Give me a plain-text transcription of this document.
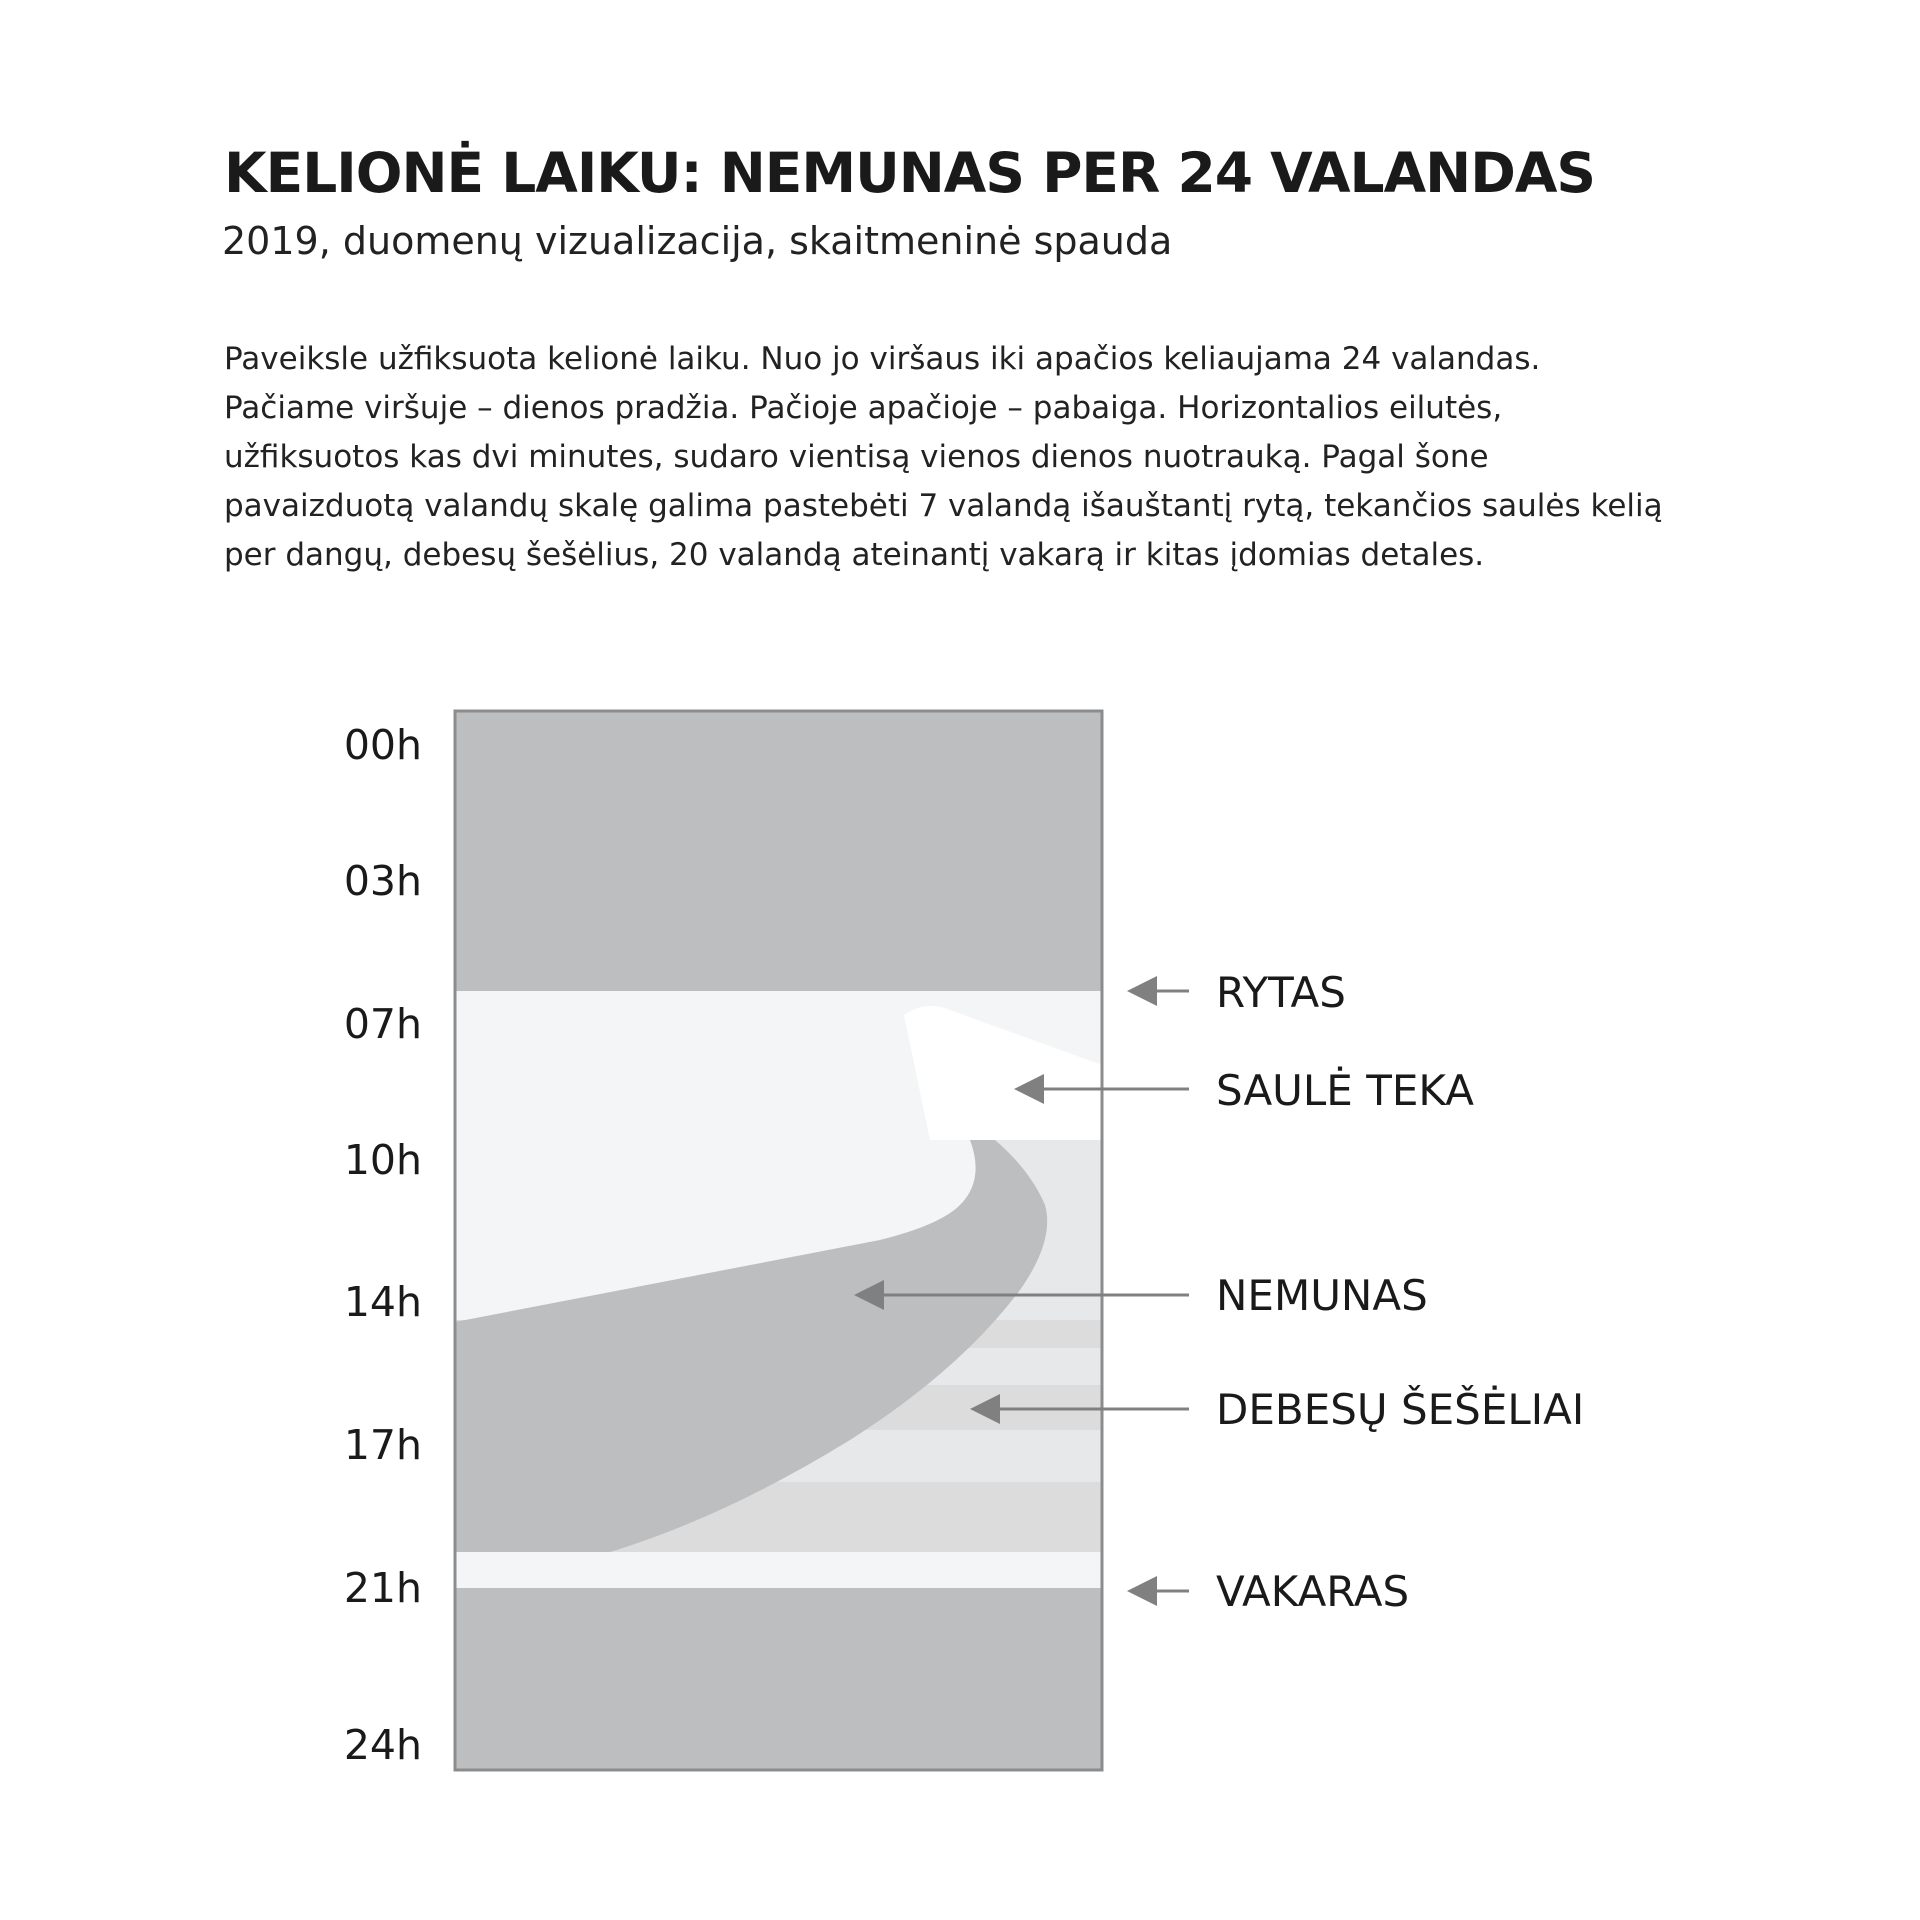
KELIONĖ LAIKU: NEMUNAS PER 24 VALANDAS

2019, duomenų vizualizacija, skaitmeninė spauda

Paveiksle užfiksuota kelionė laiku. Nuo jo viršaus iki apačios keliaujama 24 valandas.
Pačiame viršuje – dienos pradžia. Pačioje apačioje – pabaiga. Horizontalios eilutės,
užfiksuotos kas dvi minutes, sudaro vientisą vienos dienos nuotrauką. Pagal šone
pavaizduotą valandų skalę galima pastebėti 7 valandą išauštantį rytą, tekančios saulės kelią
per dangų, debesų šešėlius, 20 valandą ateinantį vakarą ir kitas įdomias detales.
00h
03h
07h
10h
14h
17h
21h
24h
RYTAS
SAULĖ TEKA
NEMUNAS
DEBESŲ ŠEŠĖLIAI
VAKARAS
